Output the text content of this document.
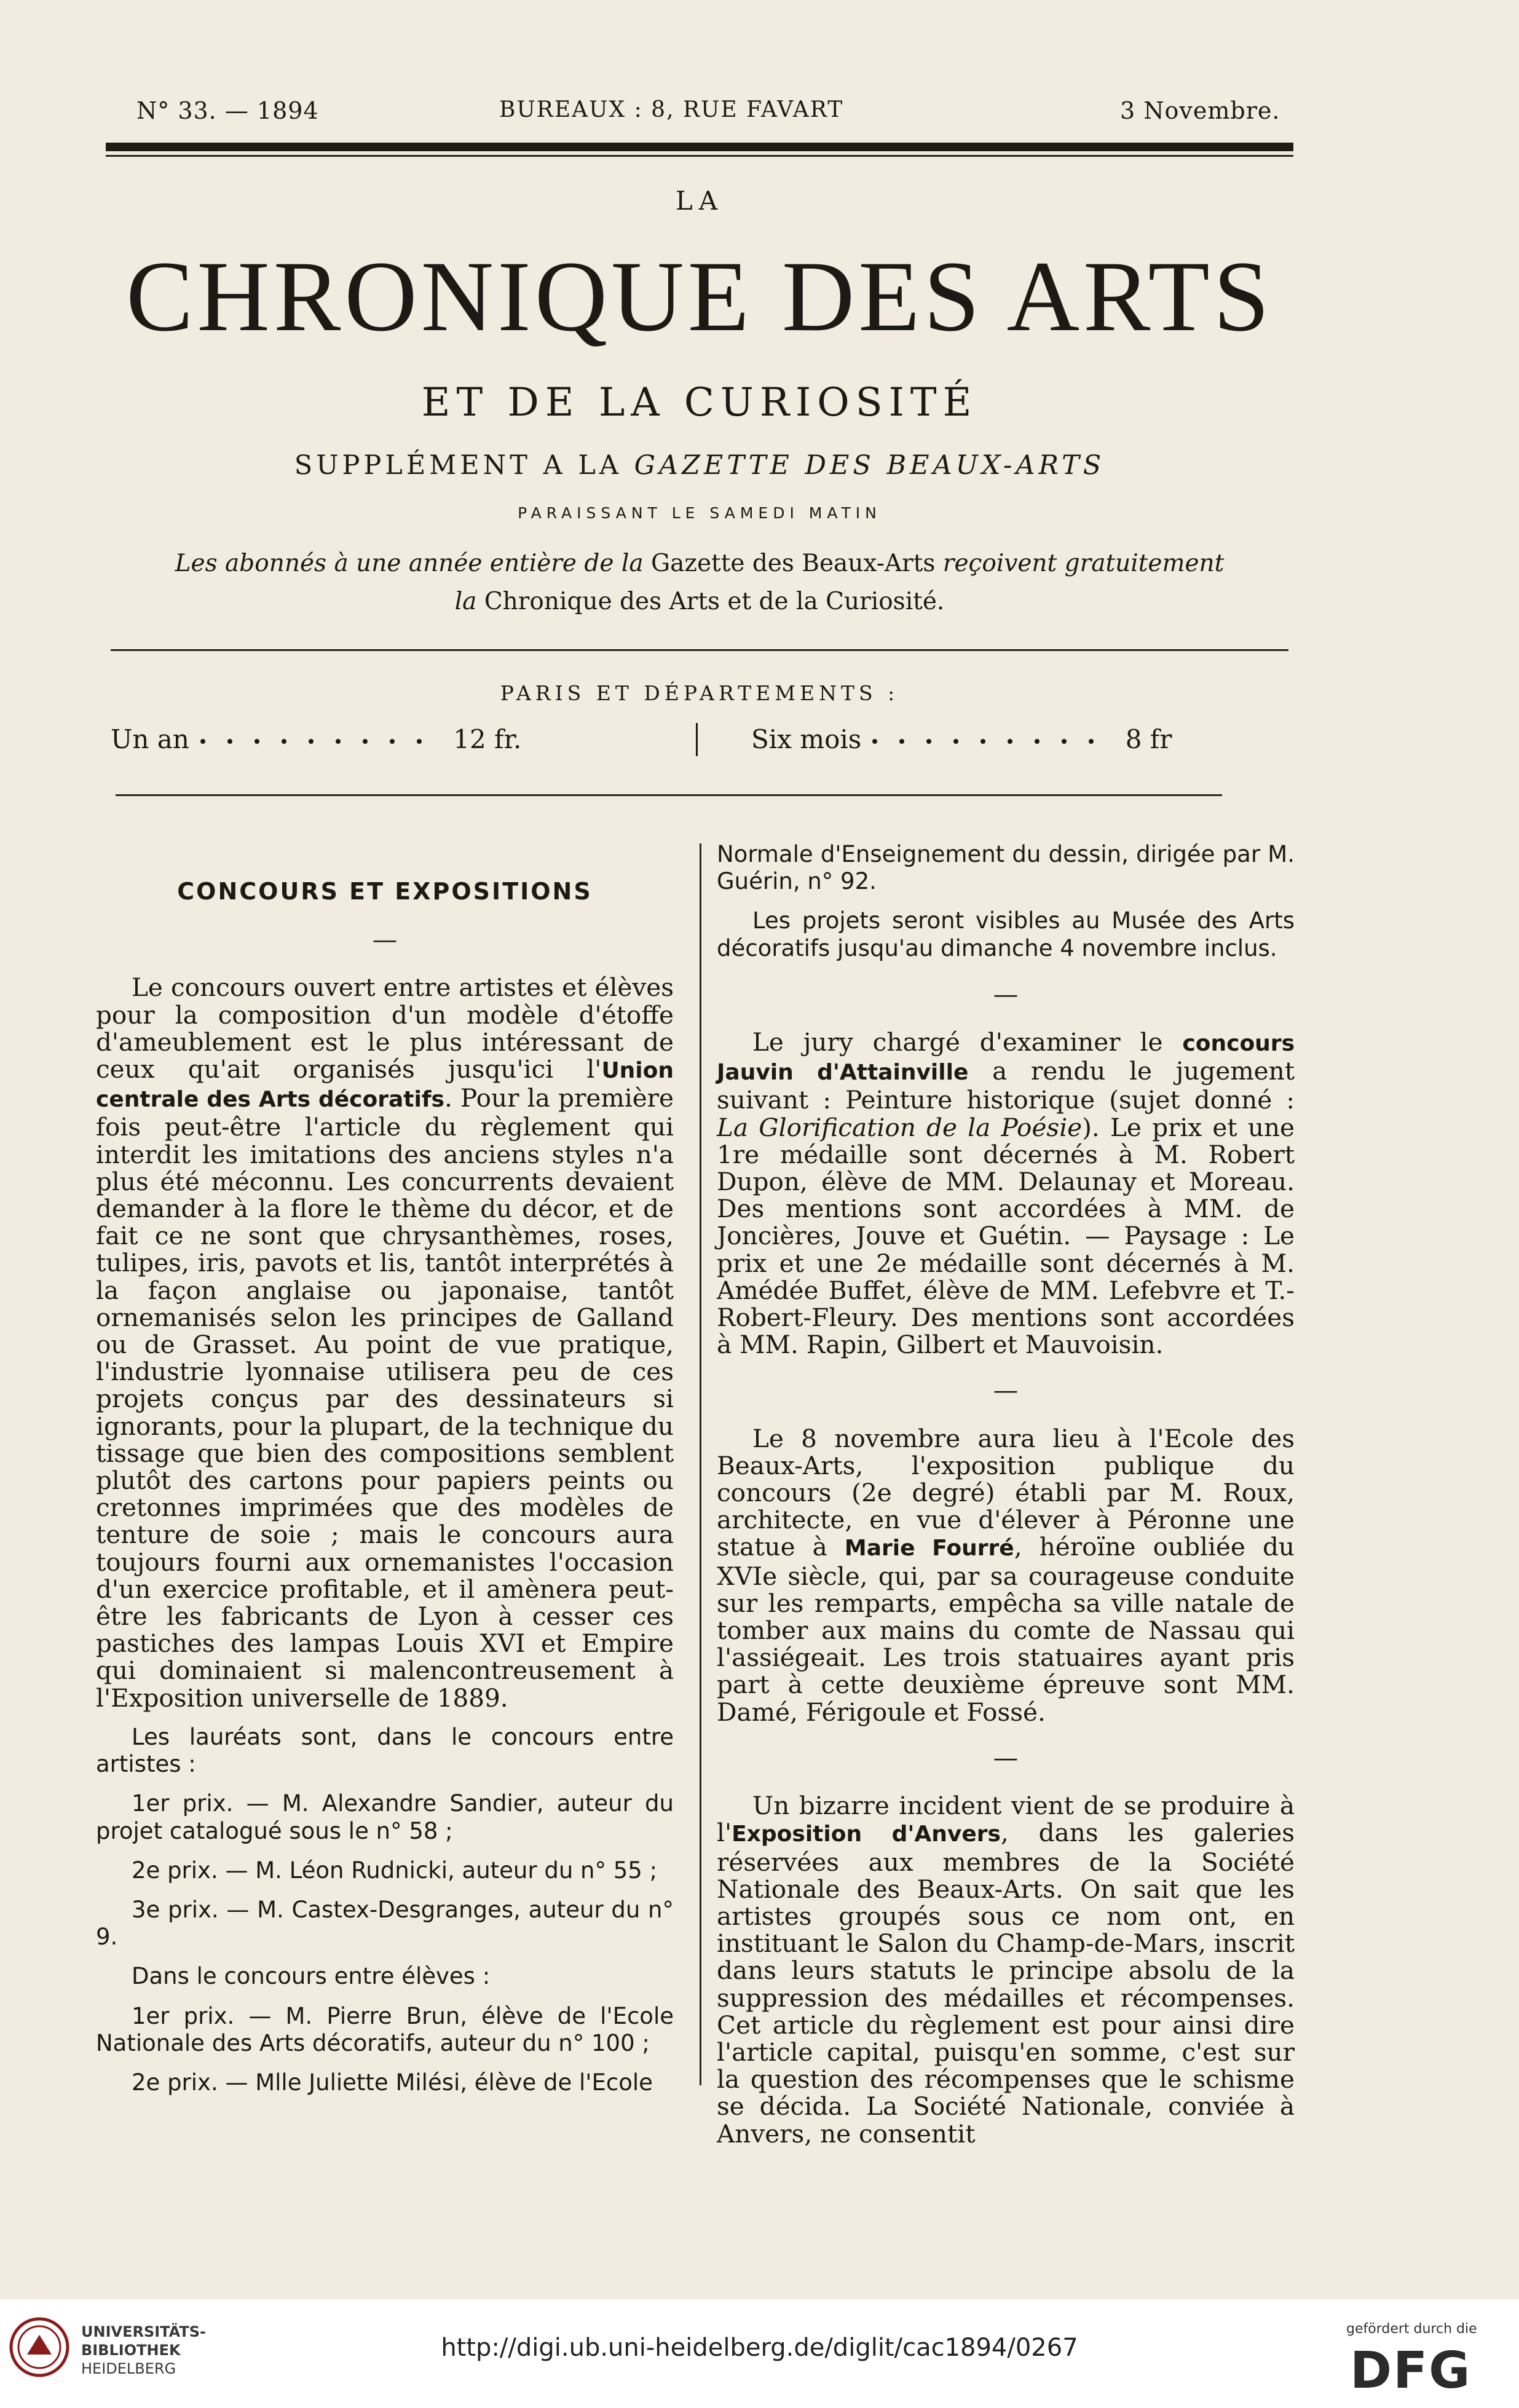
N° 33. — 1894	BUREAUX : 8, RUE FAVART	3 Novembre.
LA
CHRONIQUE DES ARTS
ET DE LA CURIOSITÉ
SUPPLÉMENT A LA GAZETTE DES BEAUX-ARTS
PARAISSANT LE SAMEDI MATIN
Les abonnés à une année entière de la Gazette des Beaux-Arts reçoivent gratuitement
la Chronique des Arts et de la Curiosité.
PARIS ET DÉPARTEMENTS :
Un an	12 fr.	Six mois	8 fr
CONCOURS ET EXPOSITIONS

—

Le concours ouvert entre artistes et élèves pour la composition d'un modèle d'étoffe d'ameublement est le plus intéressant de ceux qu'ait organisés jusqu'ici l'Union centrale des Arts décoratifs. Pour la première fois peut-être l'article du règlement qui interdit les imitations des anciens styles n'a plus été méconnu. Les concurrents devaient demander à la flore le thème du décor, et de fait ce ne sont que chrysanthèmes, roses, tulipes, iris, pavots et lis, tantôt interprétés à la façon anglaise ou japonaise, tantôt ornemanisés selon les principes de Galland ou de Grasset. Au point de vue pratique, l'industrie lyonnaise utilisera peu de ces projets conçus par des dessinateurs si ignorants, pour la plupart, de la technique du tissage que bien des compositions semblent plutôt des cartons pour papiers peints ou cretonnes imprimées que des modèles de tenture de soie ; mais le concours aura toujours fourni aux ornemanistes l'occasion d'un exercice profitable, et il amènera peut-être les fabricants de Lyon à cesser ces pastiches des lampas Louis XVI et Empire qui dominaient si malencontreusement à l'Exposition universelle de 1889.

Les lauréats sont, dans le concours entre artistes :

1er prix. — M. Alexandre Sandier, auteur du projet catalogué sous le n° 58 ;

2e prix. — M. Léon Rudnicki, auteur du n° 55 ;

3e prix. — M. Castex-Desgranges, auteur du n° 9.

Dans le concours entre élèves :

1er prix. — M. Pierre Brun, élève de l'Ecole Nationale des Arts décoratifs, auteur du n° 100 ;

2e prix. — Mlle Juliette Milési, élève de l'Ecole

Normale d'Enseignement du dessin, dirigée par M. Guérin, n° 92.

Les projets seront visibles au Musée des Arts décoratifs jusqu'au dimanche 4 novembre inclus.

—

Le jury chargé d'examiner le concours Jauvin d'Attainville a rendu le jugement suivant : Peinture historique (sujet donné : La Glorification de la Poésie). Le prix et une 1re médaille sont décernés à M. Robert Dupon, élève de MM. Delaunay et Moreau. Des mentions sont accordées à MM. de Joncières, Jouve et Guétin. — Paysage : Le prix et une 2e médaille sont décernés à M. Amédée Buffet, élève de MM. Lefebvre et T.-Robert-Fleury. Des mentions sont accordées à MM. Rapin, Gilbert et Mauvoisin.

—

Le 8 novembre aura lieu à l'Ecole des Beaux-Arts, l'exposition publique du concours (2e degré) établi par M. Roux, architecte, en vue d'élever à Péronne une statue à Marie Fourré, héroïne oubliée du XVIe siècle, qui, par sa courageuse conduite sur les remparts, empêcha sa ville natale de tomber aux mains du comte de Nassau qui l'assiégeait. Les trois statuaires ayant pris part à cette deuxième épreuve sont MM. Damé, Férigoule et Fossé.

—

Un bizarre incident vient de se produire à l'Exposition d'Anvers, dans les galeries réservées aux membres de la Société Nationale des Beaux-Arts. On sait que les artistes groupés sous ce nom ont, en instituant le Salon du Champ-de-Mars, inscrit dans leurs statuts le principe absolu de la suppression des médailles et récompenses. Cet article du règlement est pour ainsi dire l'article capital, puisqu'en somme, c'est sur la question des récompenses que le schisme se décida. La Société Nationale, conviée à Anvers, ne consentit

UNIVERSITÄTS-
BIBLIOTHEK
HEIDELBERG
http://digi.ub.uni-heidelberg.de/diglit/cac1894/0267
gefördert durch die
DFG
